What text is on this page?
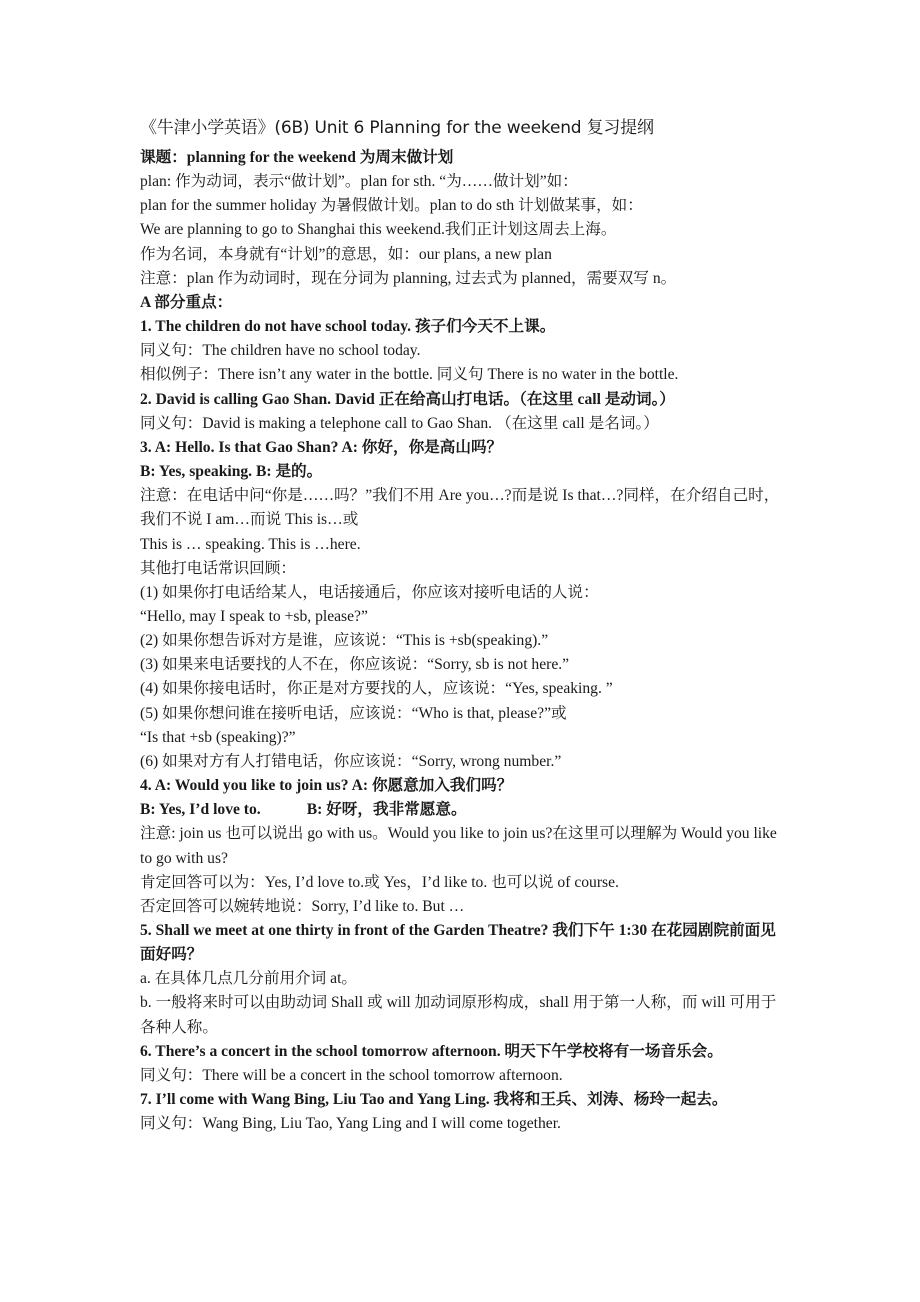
《牛津小学英语》(6B) Unit 6 Planning for the weekend 复习提纲

课题：planning for the weekend 为周末做计划

plan: 作为动词，表示“做计划”。plan for sth. “为……做计划”如：

plan for the summer holiday 为暑假做计划。plan to do sth 计划做某事，如：

We are planning to go to Shanghai this weekend.我们正计划这周去上海。

作为名词，本身就有“计划”的意思，如：our plans, a new plan

注意：plan 作为动词时，现在分词为 planning, 过去式为 planned，需要双写 n。

A 部分重点：

1. The children do not have school today. 孩子们今天不上课。

同义句：The children have no school today.

相似例子：There isn’t any water in the bottle. 同义句 There is no water in the bottle.

2. David is calling Gao Shan. David 正在给高山打电话。（在这里 call 是动词。）

同义句：David is making a telephone call to Gao Shan. （在这里 call 是名词。）

3. A: Hello. Is that Gao Shan? A: 你好，你是高山吗？

B: Yes, speaking. B: 是的。

注意：在电话中问“你是……吗？”我们不用 Are you…?而是说 Is that…?同样，在介绍自己时，我们不说 I am…而说 This is…或

This is … speaking. This is …here.

其他打电话常识回顾：

(1) 如果你打电话给某人，电话接通后，你应该对接听电话的人说：

“Hello, may I speak to +sb, please?”

(2) 如果你想告诉对方是谁，应该说：“This is +sb(speaking).”

(3) 如果来电话要找的人不在，你应该说：“Sorry, sb is not here.”

(4) 如果你接电话时，你正是对方要找的人，应该说：“Yes, speaking. ”

(5) 如果你想问谁在接听电话，应该说：“Who is that, please?”或

“Is that +sb (speaking)?”

(6) 如果对方有人打错电话，你应该说：“Sorry, wrong number.”

4. A: Would you like to join us? A: 你愿意加入我们吗？

B: Yes, I’d love to.	B: 好呀，我非常愿意。

注意: join us 也可以说出 go with us。Would you like to join us?在这里可以理解为 Would you like to go with us?

肯定回答可以为：Yes, I’d love to.或 Yes，I’d like to. 也可以说 of course.

否定回答可以婉转地说：Sorry, I’d like to. But …

5. Shall we meet at one thirty in front of the Garden Theatre? 我们下午 1:30 在花园剧院前面见面好吗？

a. 在具体几点几分前用介词 at。

b. 一般将来时可以由助动词 Shall 或 will 加动词原形构成，shall 用于第一人称，而 will 可用于各种人称。

6. There’s a concert in the school tomorrow afternoon. 明天下午学校将有一场音乐会。

同义句：There will be a concert in the school tomorrow afternoon.

7. I’ll come with Wang Bing, Liu Tao and Yang Ling. 我将和王兵、刘涛、杨玲一起去。

同义句：Wang Bing, Liu Tao, Yang Ling and I will come together.
